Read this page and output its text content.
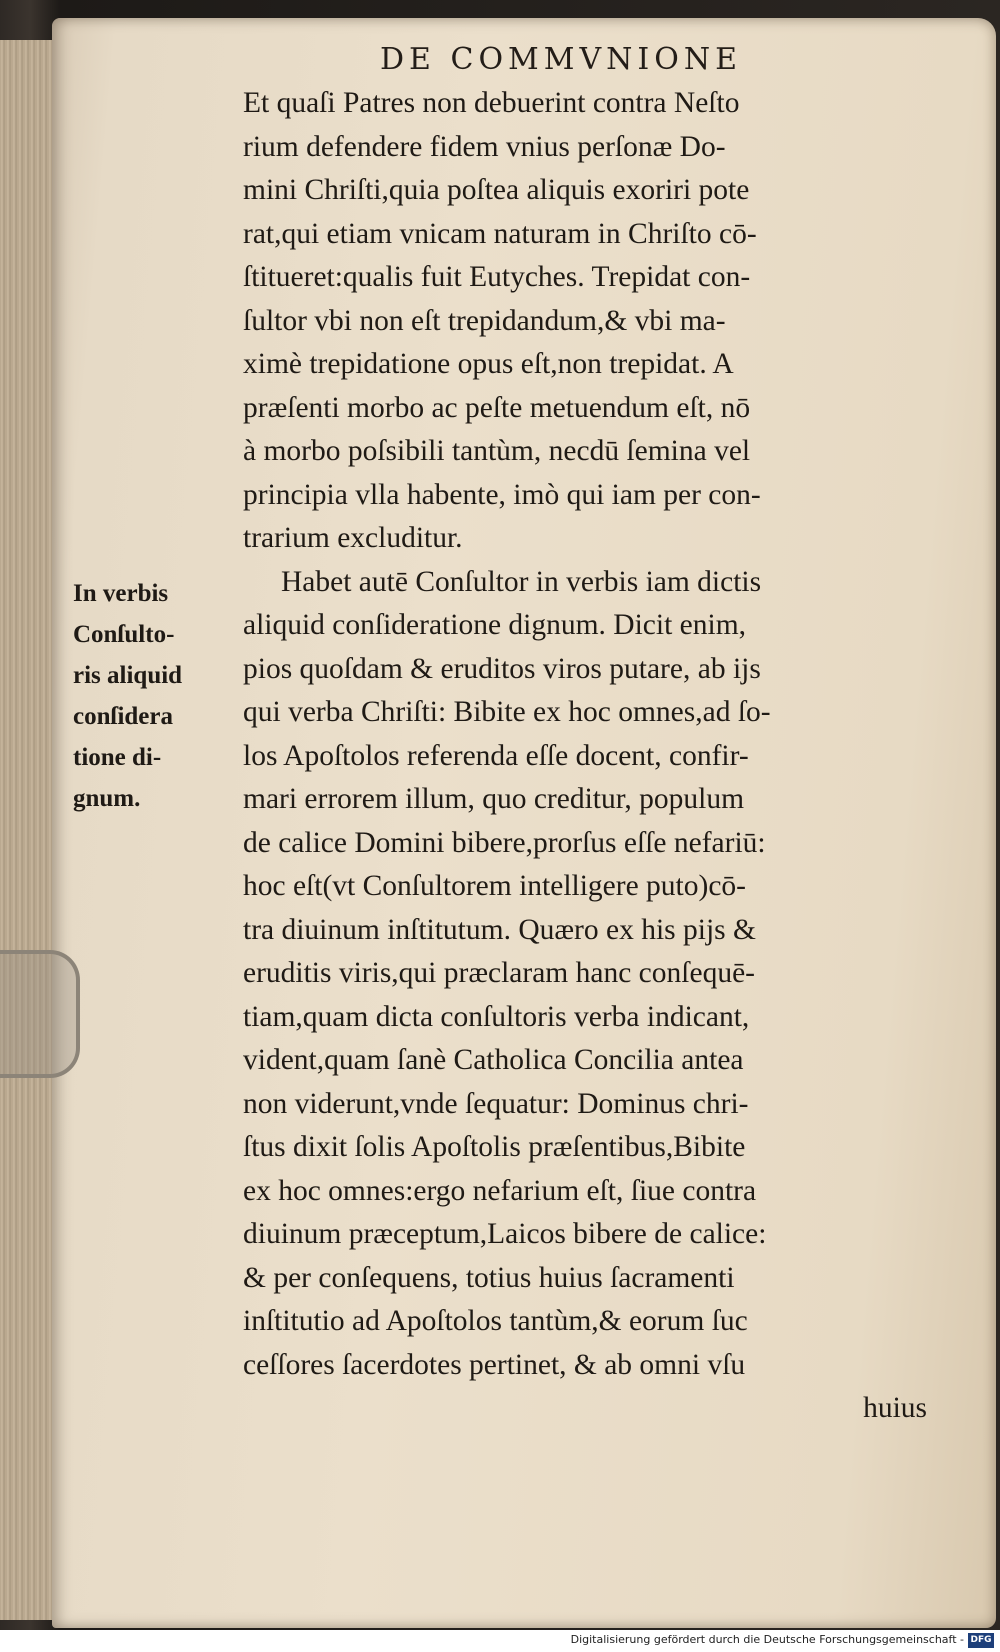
DE COMMVNIONE
In verbis
Conſulto-
ris aliquid
conſidera
tione di-
gnum.
Et quaſi Patres non debuerint contra Neſto
rium defendere fidem vnius perſonæ Do-
mini Chriſti,quia poſtea aliquis exoriri pote
rat,qui etiam vnicam naturam in Chriſto cō-
ſtitueret:qualis fuit Eutyches. Trepidat con-
ſultor vbi non eſt trepidandum,& vbi ma-
ximè trepidatione opus eſt,non trepidat. A
præſenti morbo ac peſte metuendum eſt, nō
à morbo poſsibili tantùm, necdū ſemina vel
principia vlla habente, imò qui iam per con-
trarium excluditur.
Habet autē Conſultor in verbis iam dictis
aliquid conſideratione dignum. Dicit enim,
pios quoſdam & eruditos viros putare, ab ijs
qui verba Chriſti: Bibite ex hoc omnes,ad ſo-
los Apoſtolos referenda eſſe docent, confir-
mari errorem illum, quo creditur, populum
de calice Domini bibere,prorſus eſſe nefariū:
hoc eſt(vt Conſultorem intelligere puto)cō-
tra diuinum inſtitutum. Quæro ex his pijs &
eruditis viris,qui præclaram hanc conſequē-
tiam,quam dicta conſultoris verba indicant,
vident,quam ſanè Catholica Concilia antea
non viderunt,vnde ſequatur: Dominus chri-
ſtus dixit ſolis Apoſtolis præſentibus,Bibite
ex hoc omnes:ergo nefarium eſt, ſiue contra
diuinum præceptum,Laicos bibere de calice:
& per conſequens, totius huius ſacramenti
inſtitutio ad Apoſtolos tantùm,& eorum ſuc
ceſſores ſacerdotes pertinet, & ab omni vſu
huius
Digitalisierung gefördert durch die Deutsche Forschungsgemeinschaft - DFG
